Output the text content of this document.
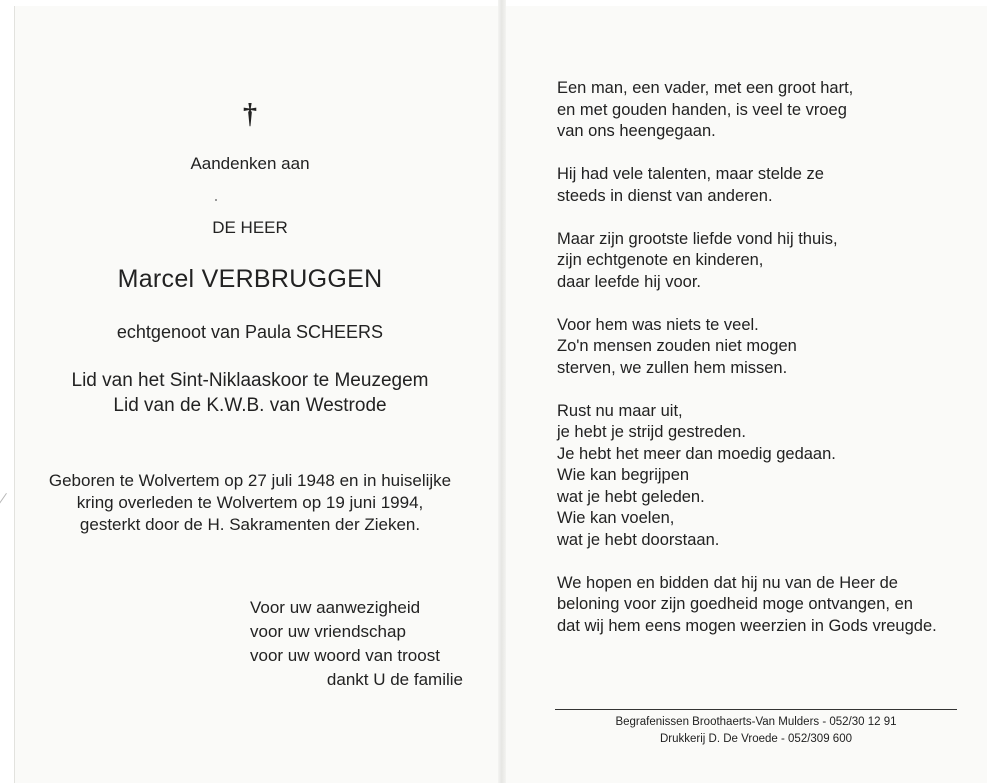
†
Aandenken aan
DE HEER
Marcel VERBRUGGEN
echtgenoot van Paula SCHEERS
Lid van het Sint-Niklaaskoor te Meuzegem
Lid van de K.W.B. van Westrode
Geboren te Wolvertem op 27 juli 1948 en in huiselijke
kring overleden te Wolvertem op 19 juni 1994,
gesterkt door de H. Sakramenten der Zieken.
Voor uw aanwezigheid
voor uw vriendschap
voor uw woord van troost
dankt U de familie
Een man, een vader, met een groot hart,
en met gouden handen, is veel te vroeg
van ons heengegaan.
Hij had vele talenten, maar stelde ze
steeds in dienst van anderen.
Maar zijn grootste liefde vond hij thuis,
zijn echtgenote en kinderen,
daar leefde hij voor.
Voor hem was niets te veel.
Zo'n mensen zouden niet mogen
sterven, we zullen hem missen.
Rust nu maar uit,
je hebt je strijd gestreden.
Je hebt het meer dan moedig gedaan.
Wie kan begrijpen
wat je hebt geleden.
Wie kan voelen,
wat je hebt doorstaan.
We hopen en bidden dat hij nu van de Heer de
beloning voor zijn goedheid moge ontvangen, en
dat wij hem eens mogen weerzien in Gods vreugde.
Begrafenissen Broothaerts-Van Mulders - 052/30 12 91
Drukkerij D. De Vroede - 052/309 600
